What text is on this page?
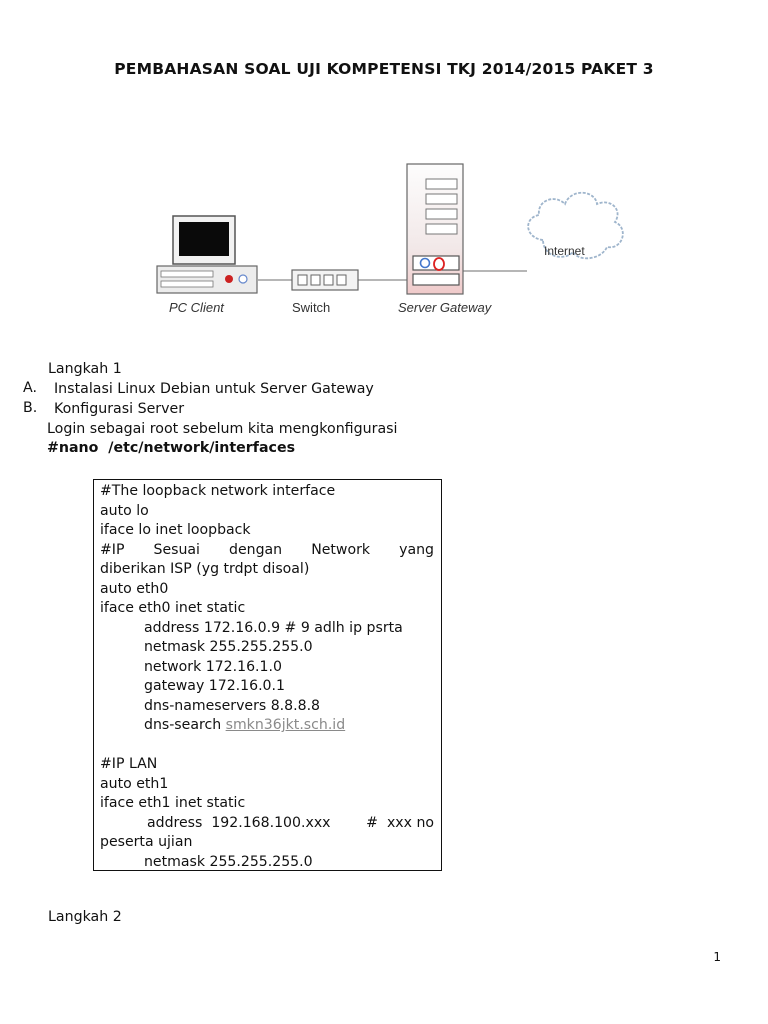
PEMBAHASAN SOAL UJI KOMPETENSI TKJ 2014/2015 PAKET 3
PC Client	Switch	Server Gateway
Internet
Langkah 1
A. Instalasi Linux Debian untuk Server Gateway
B. Konfigurasi Server
Login sebagai root sebelum kita mengkonfigurasi
#nano  /etc/network/interfaces
#The loopback network interface
auto lo
iface lo inet loopback
#IP Sesuai dengan Network yang
diberikan ISP (yg trdpt disoal)
auto eth0
iface eth0 inet static
address 172.16.0.9 # 9 adlh ip psrta
netmask 255.255.255.0
network 172.16.1.0
gateway 172.16.0.1
dns-nameservers 8.8.8.8
dns-search smkn36jkt.sch.id

#IP LAN
auto eth1
iface eth1 inet static
address  192.168.100.xxx	#  xxx no
peserta ujian
netmask 255.255.255.0
Langkah 2
1
